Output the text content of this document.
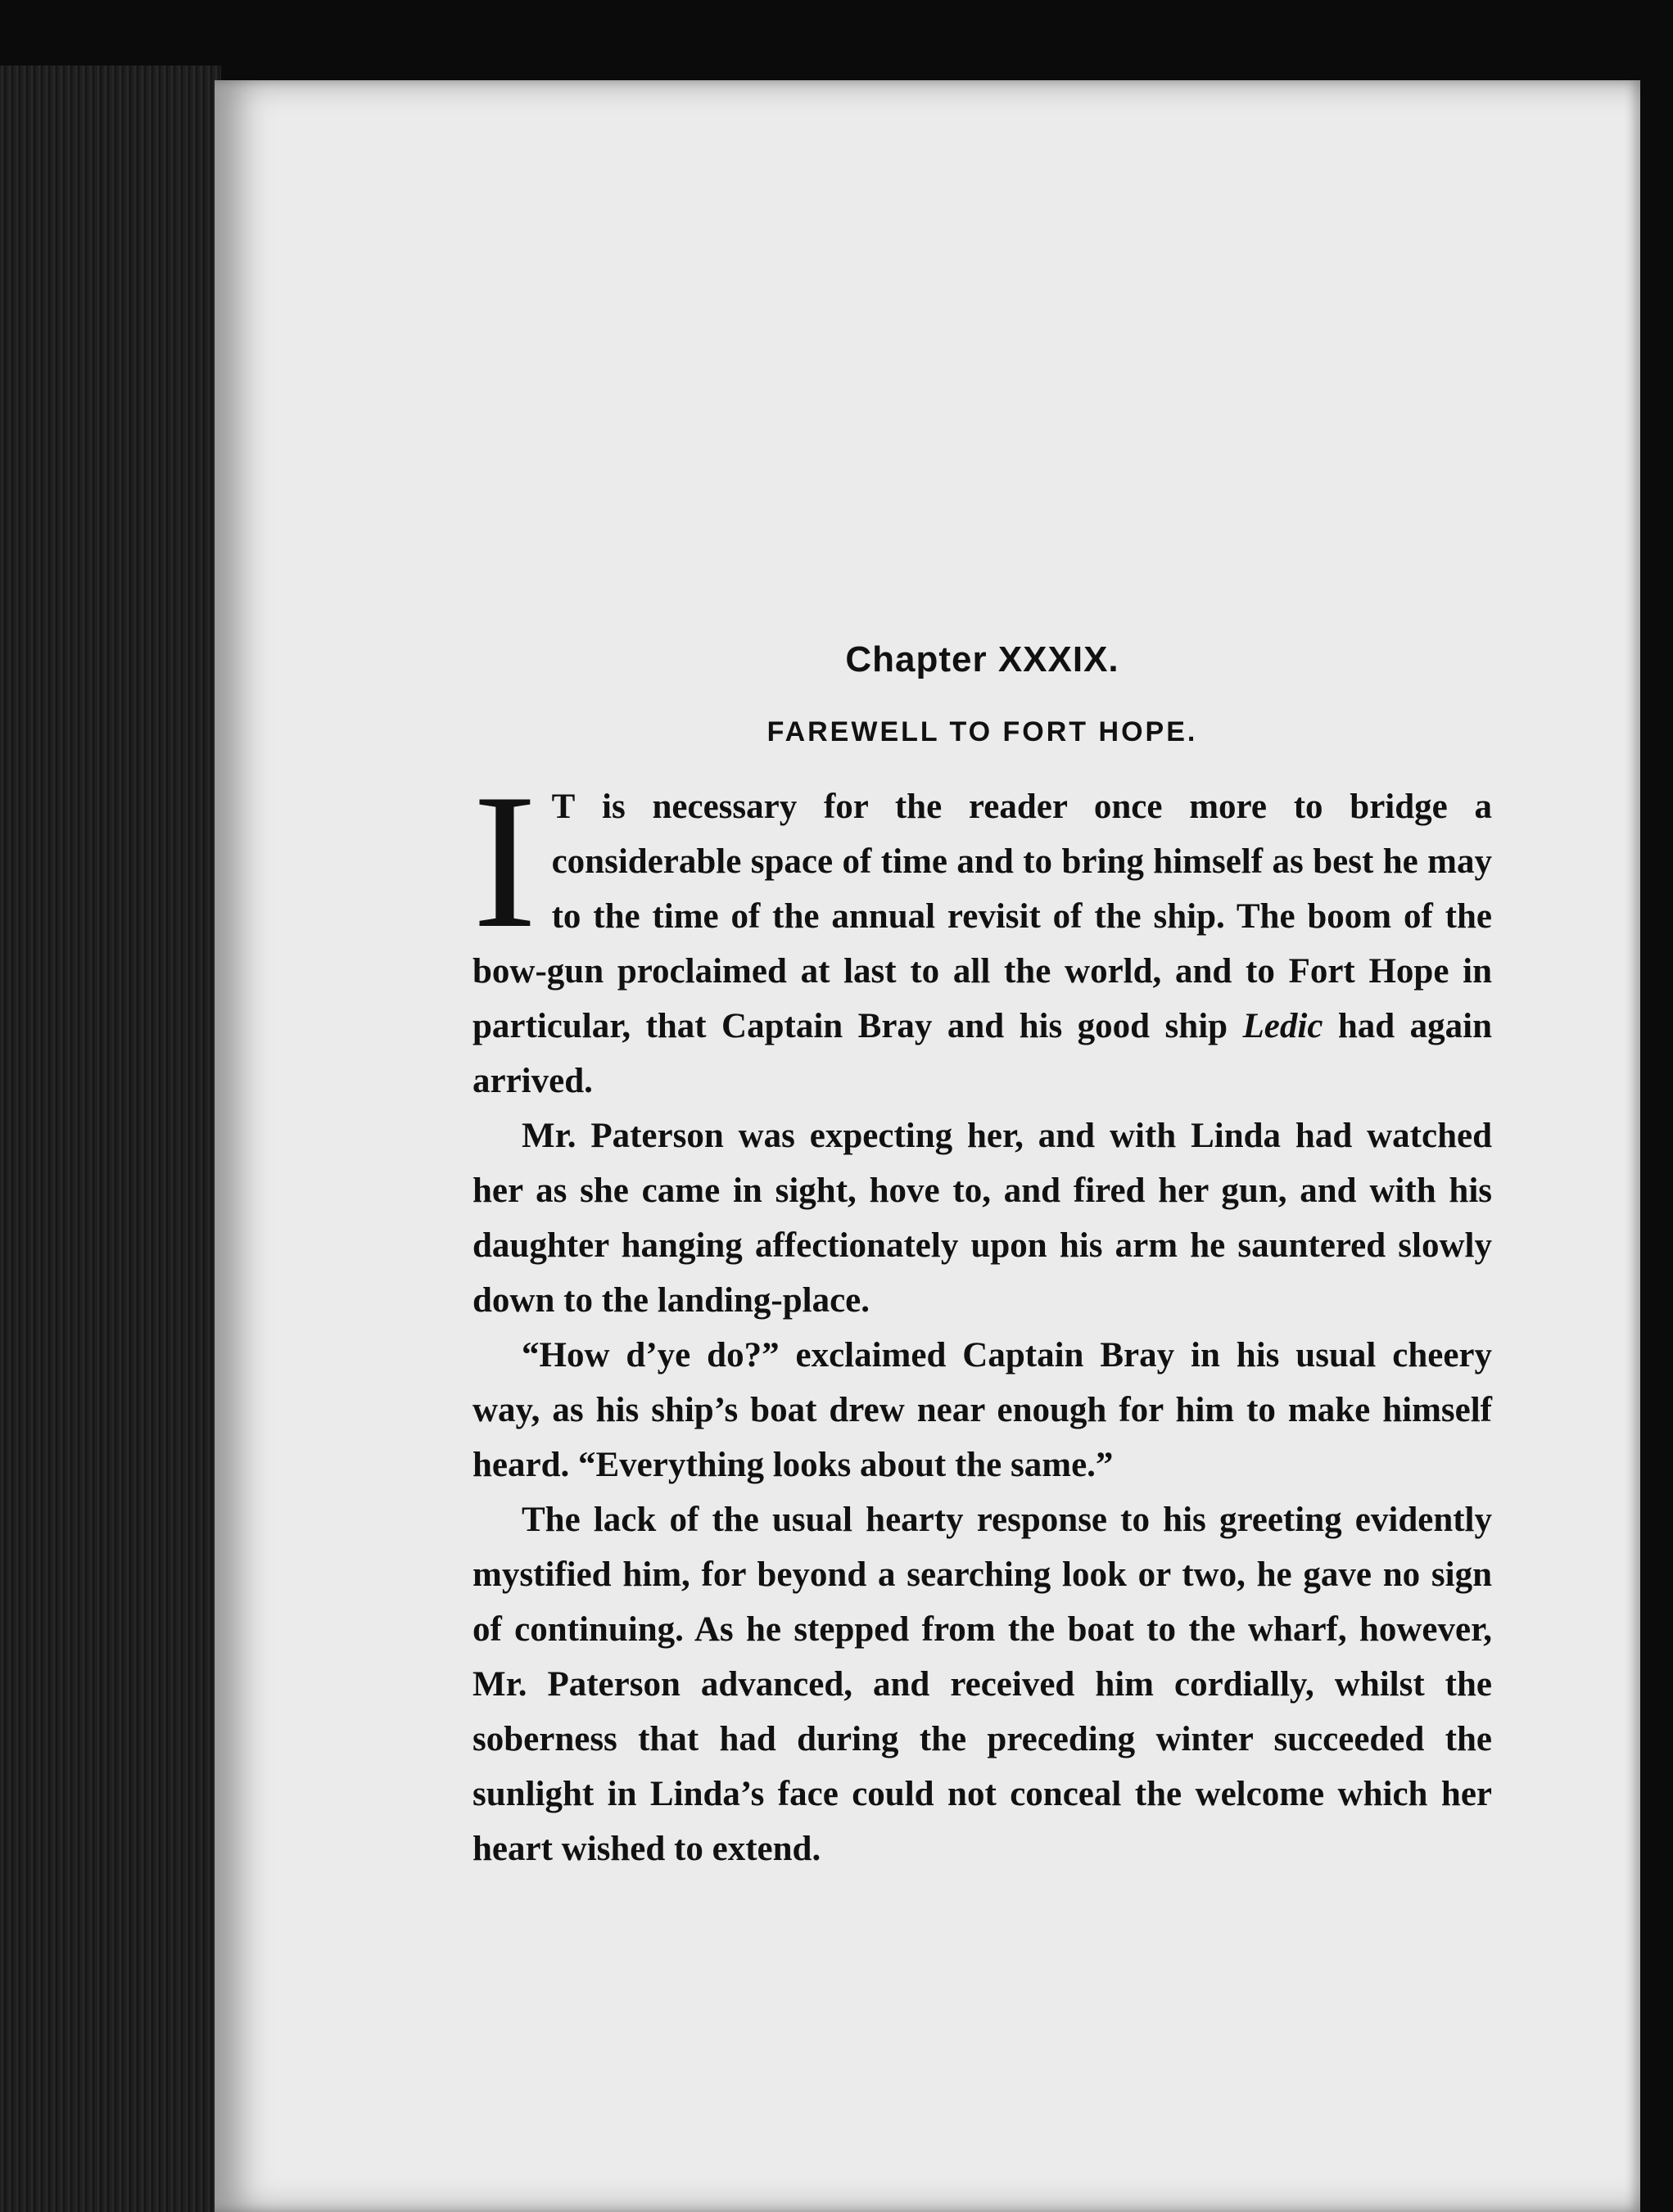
Chapter XXXIX.
FAREWELL TO FORT HOPE.

I T is necessary for the reader once more to bridge a considerable space of time and to bring himself as best he may to the time of the annual revisit of the ship. The boom of the bow-gun proclaimed at last to all the world, and to Fort Hope in particular, that Captain Bray and his good ship Ledic had again arrived.

Mr. Paterson was expecting her, and with Linda had watched her as she came in sight, hove to, and fired her gun, and with his daughter hanging affectionately upon his arm he sauntered slowly down to the landing-place.

“How d’ye do?” exclaimed Captain Bray in his usual cheery way, as his ship’s boat drew near enough for him to make himself heard. “Everything looks about the same.”

The lack of the usual hearty response to his greeting evidently mystified him, for beyond a searching look or two, he gave no sign of continuing. As he stepped from the boat to the wharf, however, Mr. Paterson advanced, and received him cordially, whilst the soberness that had during the preceding winter succeeded the sunlight in Linda’s face could not conceal the welcome which her heart wished to extend.
